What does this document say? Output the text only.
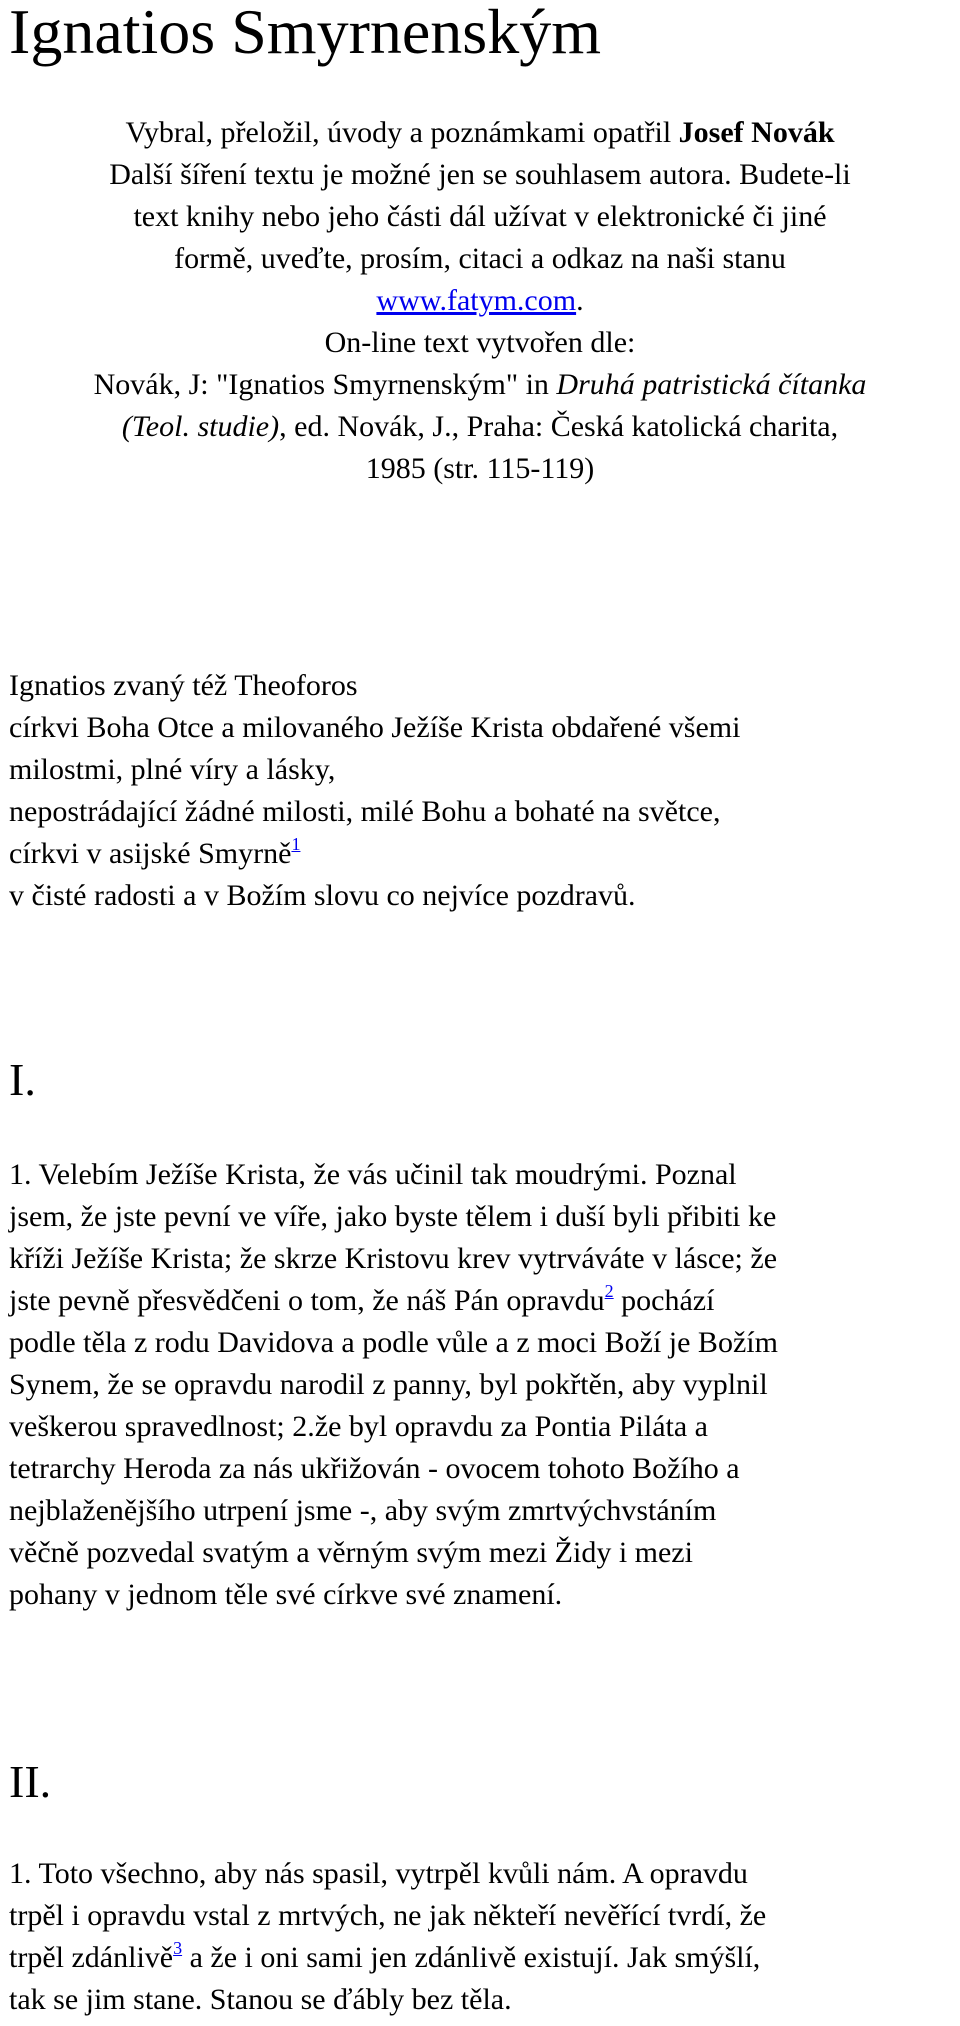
Ignatios Smyrnenským
Vybral, přeložil, úvody a poznámkami opatřil Josef Novák
Další šíření textu je možné jen se souhlasem autora. Budete-li
text knihy nebo jeho části dál užívat v elektronické či jiné
formě, uveďte, prosím, citaci a odkaz na naši stanu
www.fatym.com.
On-line text vytvořen dle:
Novák, J: "Ignatios Smyrnenským" in Druhá patristická čítanka
(Teol. studie), ed. Novák, J., Praha: Česká katolická charita,
1985 (str. 115-119)
Ignatios zvaný též Theoforos
církvi Boha Otce a milovaného Ježíše Krista obdařené všemi
milostmi, plné víry a lásky,
nepostrádající žádné milosti, milé Bohu a bohaté na světce,
církvi v asijské Smyrně$^1$
v čisté radosti a v Božím slovu co nejvíce pozdravů.
I.
1. Velebím Ježíše Krista, že vás učinil tak moudrými. Poznal
jsem, že jste pevní ve víře, jako byste tělem i duší byli přibiti ke
kříži Ježíše Krista; že skrze Kristovu krev vytrváváte v lásce; že
jste pevně přesvědčeni o tom, že náš Pán opravdu$^2$ pochází
podle těla z rodu Davidova a podle vůle a z moci Boží je Božím
Synem, že se opravdu narodil z panny, byl pokřtěn, aby vyplnil
veškerou spravedlnost; 2.že byl opravdu za Pontia Piláta a
tetrarchy Heroda za nás ukřižován - ovocem tohoto Božího a
nejblaženějšího utrpení jsme -, aby svým zmrtvýchvstáním
věčně pozvedal svatým a věrným svým mezi Židy i mezi
pohany v jednom těle své církve své znamení.
II.
1. Toto všechno, aby nás spasil, vytrpěl kvůli nám. A opravdu
trpěl i opravdu vstal z mrtvých, ne jak někteří nevěřící tvrdí, že
trpěl zdánlivě$^3$ a že i oni sami jen zdánlivě existují. Jak smýšlí,
tak se jim stane. Stanou se ďábly bez těla.
